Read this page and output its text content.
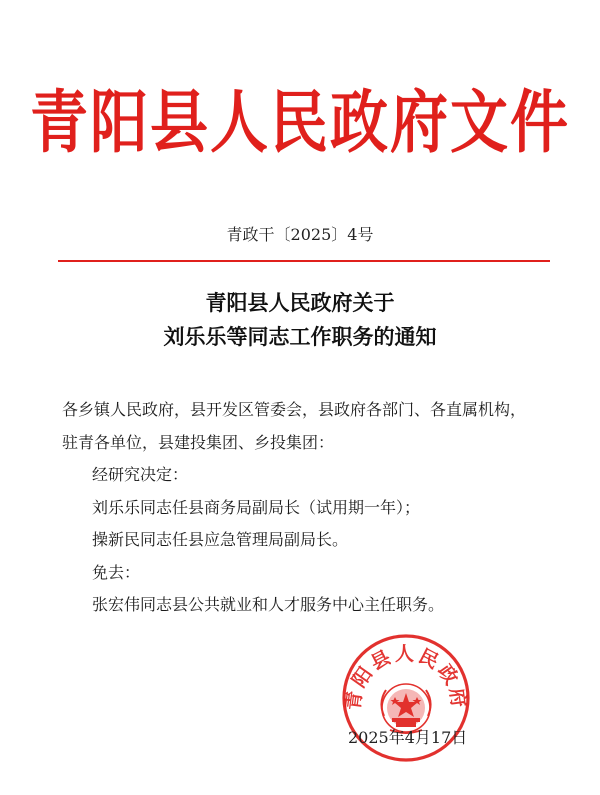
青阳县人民政府文件
青政干〔2025〕4号
青阳县人民政府关于
刘乐乐等同志工作职务的通知
各乡镇人民政府，县开发区管委会，县政府各部门、各直属机构，
驻青各单位，县建投集团、乡投集团：
经研究决定：
刘乐乐同志任县商务局副局长（试用期一年）；
操新民同志任县应急管理局副局长。
免去：
张宏伟同志县公共就业和人才服务中心主任职务。
青阳县人民政府
2025年4月17日
